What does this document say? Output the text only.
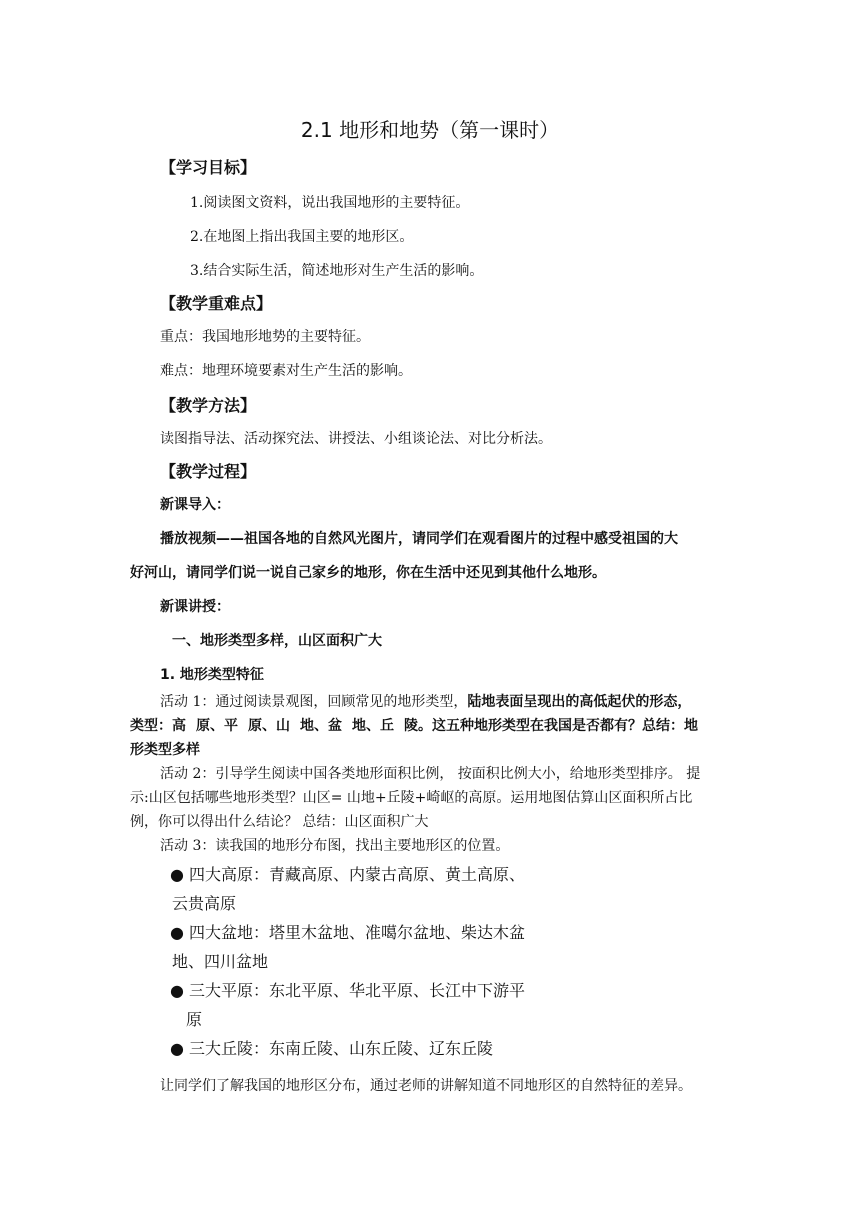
2.1 地形和地势（第一课时）
【学习目标】
1.阅读图文资料，说出我国地形的主要特征。
2.在地图上指出我国主要的地形区。
3.结合实际生活，简述地形对生产生活的影响。
【教学重难点】
重点：我国地形地势的主要特征。
难点：地理环境要素对生产生活的影响。
【教学方法】
读图指导法、活动探究法、讲授法、小组谈论法、对比分析法。
【教学过程】
新课导入：
播放视频——祖国各地的自然风光图片，请同学们在观看图片的过程中感受祖国的大
好河山，请同学们说一说自己家乡的地形，你在生活中还见到其他什么地形。
新课讲授：
一、地形类型多样，山区面积广大
1. 地形类型特征
活动 1：通过阅读景观图，回顾常见的地形类型，陆地表面呈现出的高低起伏的形态，
类型：高 原、平 原、山 地、盆 地、丘 陵。这五种地形类型在我国是否都有？总结：地
形类型多样
活动 2：引导学生阅读中国各类地形面积比例， 按面积比例大小，给地形类型排序。 提
示:山区包括哪些地形类型？山区= 山地+丘陵+崎岖的高原。运用地图估算山区面积所占比
例，你可以得出什么结论？ 总结：山区面积广大
活动 3：读我国的地形分布图，找出主要地形区的位置。
● 四大高原：青藏高原、内蒙古高原、黄土高原、
云贵高原
● 四大盆地：塔里木盆地、准噶尔盆地、柴达木盆
地、四川盆地
● 三大平原：东北平原、华北平原、长江中下游平
原
● 三大丘陵：东南丘陵、山东丘陵、辽东丘陵
让同学们了解我国的地形区分布，通过老师的讲解知道不同地形区的自然特征的差异。
